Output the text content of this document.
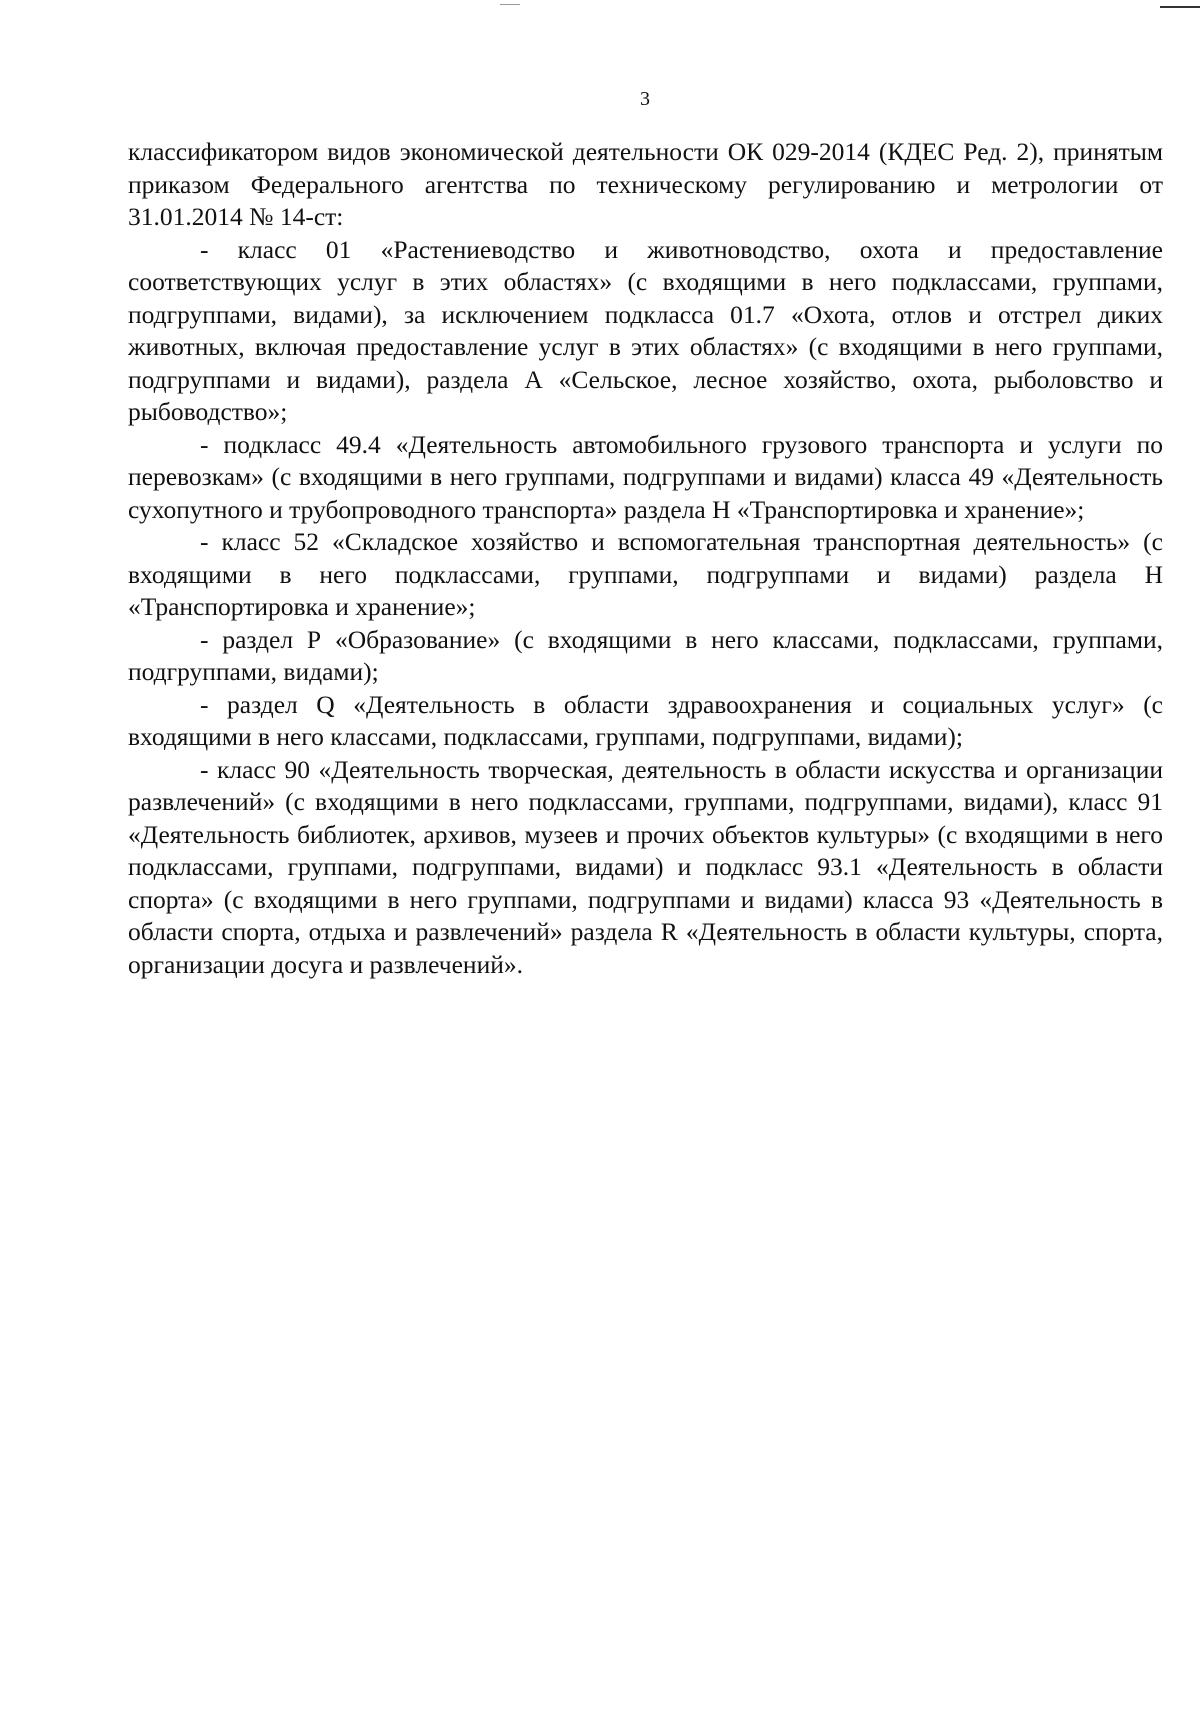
3

классификатором видов экономической деятельности ОК 029-2014 (КДЕС Ред. 2), принятым приказом Федерального агентства по техническому регулированию и метрологии от 31.01.2014 № 14-ст:

- класс 01 «Растениеводство и животноводство, охота и предоставление соответствующих услуг в этих областях» (с входящими в него подклассами, группами, подгруппами, видами), за исключением подкласса 01.7 «Охота, отлов и отстрел диких животных, включая предоставление услуг в этих областях» (с входящими в него группами, подгруппами и видами), раздела А «Сельское, лесное хозяйство, охота, рыболовство и рыбоводство»;

- подкласс 49.4 «Деятельность автомобильного грузового транспорта и услуги по перевозкам» (с входящими в него группами, подгруппами и видами) класса 49 «Деятельность сухопутного и трубопроводного транспорта» раздела Н «Транспортировка и хранение»;

- класс 52 «Складское хозяйство и вспомогательная транспортная деятельность» (с входящими в него подклассами, группами, подгруппами и видами) раздела Н «Транспортировка и хранение»;

- раздел Р «Образование» (с входящими в него классами, подклассами, группами, подгруппами, видами);

- раздел Q «Деятельность в области здравоохранения и социальных услуг» (с входящими в него классами, подклассами, группами, подгруппами, видами);

- класс 90 «Деятельность творческая, деятельность в области искусства и организации развлечений» (с входящими в него подклассами, группами, подгруппами, видами), класс 91 «Деятельность библиотек, архивов, музеев и прочих объектов культуры» (с входящими в него подклассами, группами, подгруппами, видами) и подкласс 93.1 «Деятельность в области спорта» (с входящими в него группами, подгруппами и видами) класса 93 «Деятельность в области спорта, отдыха и развлечений» раздела R «Деятельность в области культуры, спорта, организации досуга и развлечений».
